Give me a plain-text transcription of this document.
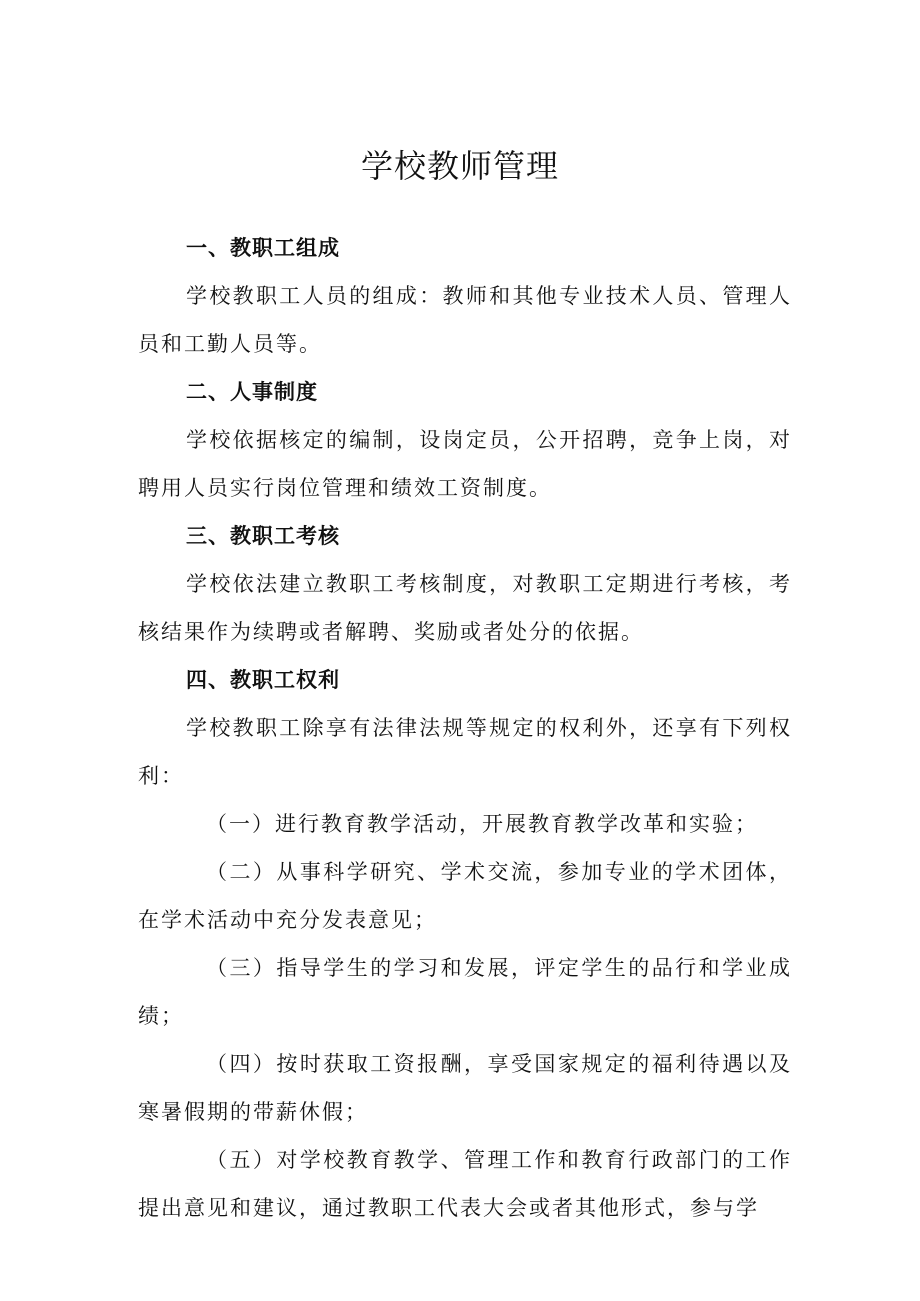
学校教师管理
一、教职工组成

学校教职工人员的组成：教师和其他专业技术人员、管理人员和工勤人员等。

二、人事制度

学校依据核定的编制，设岗定员，公开招聘，竞争上岗，对聘用人员实行岗位管理和绩效工资制度。

三、教职工考核

学校依法建立教职工考核制度，对教职工定期进行考核，考核结果作为续聘或者解聘、奖励或者处分的依据。

四、教职工权利

学校教职工除享有法律法规等规定的权利外，还享有下列权利：

（一）进行教育教学活动，开展教育教学改革和实验；

（二）从事科学研究、学术交流，参加专业的学术团体，在学术活动中充分发表意见；

（三）指导学生的学习和发展，评定学生的品行和学业成绩；

（四）按时获取工资报酬，享受国家规定的福利待遇以及寒暑假期的带薪休假；

（五）对学校教育教学、管理工作和教育行政部门的工作提出意见和建议，通过教职工代表大会或者其他形式，参与学
